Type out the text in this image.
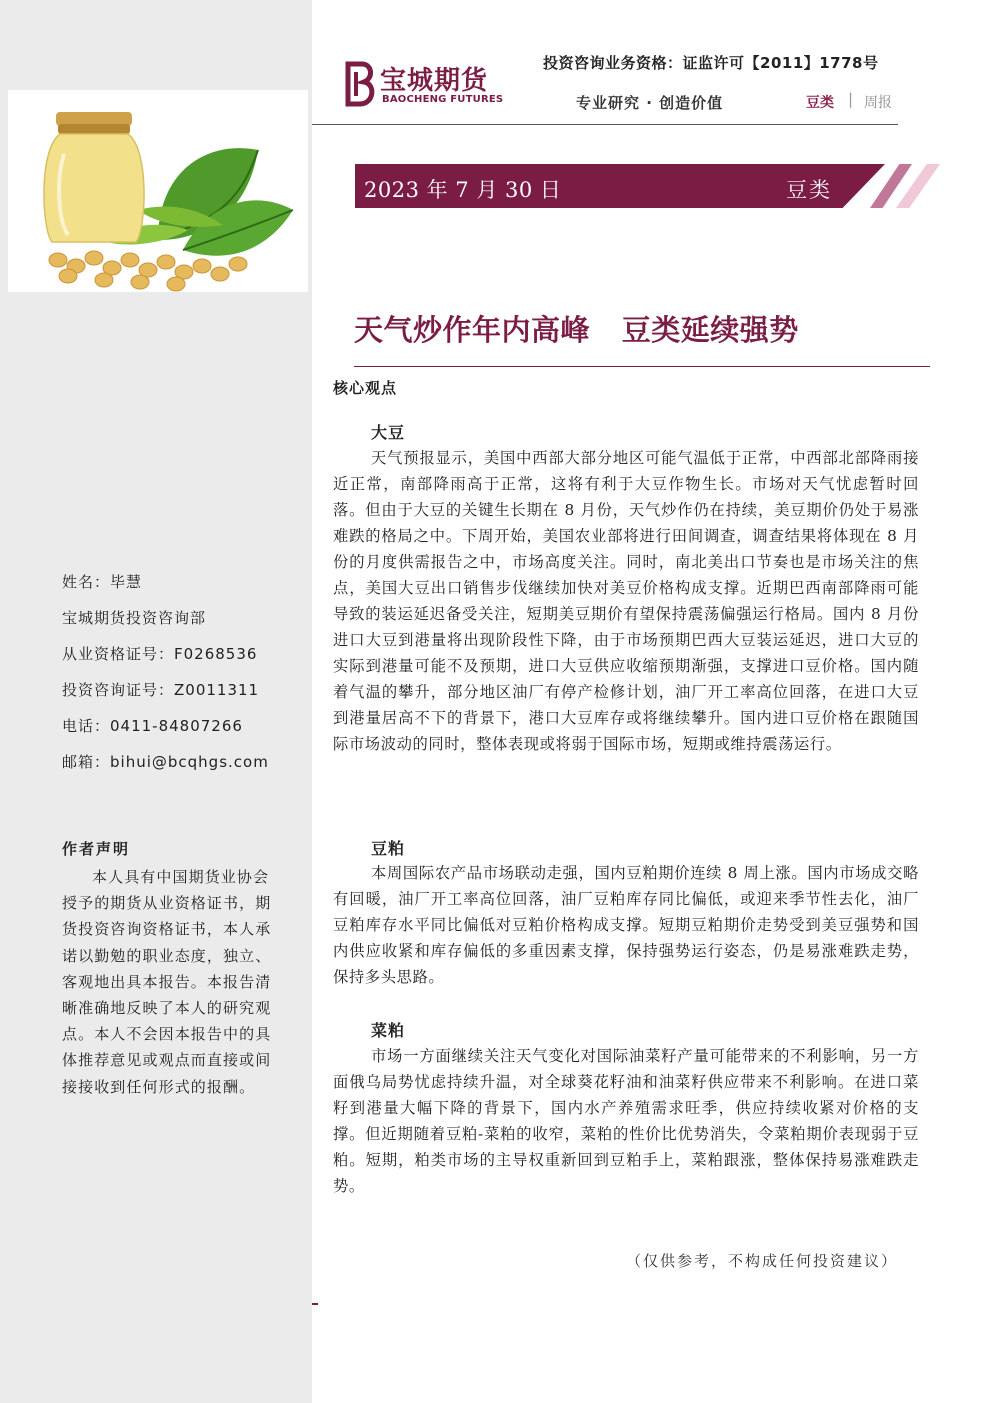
姓名：毕慧
宝城期货投资咨询部
从业资格证号：F0268536
投资咨询证号：Z0011311
电话：0411-84807266
邮箱：bihui@bcqhgs.com
作者声明
本人具有中国期货业协会授予的期货从业资格证书，期货投资咨询资格证书，本人承诺以勤勉的职业态度，独立、客观地出具本报告。本报告清晰准确地反映了本人的研究观点。本人不会因本报告中的具体推荐意见或观点而直接或间接接收到任何形式的报酬。
宝城期货
BAOCHENG FUTURES
投资咨询业务资格：证监许可【2011】1778号
专业研究 · 创造价值	豆类 | 周报
2023 年 7 月 30 日	豆类
天气炒作年内高峰   豆类延续强势
核心观点
大豆
天气预报显示，美国中西部大部分地区可能气温低于正常，中西部北部降雨接近正常，南部降雨高于正常，这将有利于大豆作物生长。市场对天气忧虑暂时回落。但由于大豆的关键生长期在 8 月份，天气炒作仍在持续，美豆期价仍处于易涨难跌的格局之中。下周开始，美国农业部将进行田间调查，调查结果将体现在 8 月份的月度供需报告之中，市场高度关注。同时，南北美出口节奏也是市场关注的焦点，美国大豆出口销售步伐继续加快对美豆价格构成支撑。近期巴西南部降雨可能导致的装运延迟备受关注，短期美豆期价有望保持震荡偏强运行格局。国内 8 月份进口大豆到港量将出现阶段性下降，由于市场预期巴西大豆装运延迟，进口大豆的实际到港量可能不及预期，进口大豆供应收缩预期渐强，支撑进口豆价格。国内随着气温的攀升，部分地区油厂有停产检修计划，油厂开工率高位回落，在进口大豆到港量居高不下的背景下，港口大豆库存或将继续攀升。国内进口豆价格在跟随国际市场波动的同时，整体表现或将弱于国际市场，短期或维持震荡运行。
豆粕
本周国际农产品市场联动走强，国内豆粕期价连续 8 周上涨。国内市场成交略有回暖，油厂开工率高位回落，油厂豆粕库存同比偏低，或迎来季节性去化，油厂豆粕库存水平同比偏低对豆粕价格构成支撑。短期豆粕期价走势受到美豆强势和国内供应收紧和库存偏低的多重因素支撑，保持强势运行姿态，仍是易涨难跌走势，保持多头思路。
菜粕
市场一方面继续关注天气变化对国际油菜籽产量可能带来的不利影响，另一方面俄乌局势忧虑持续升温，对全球葵花籽油和油菜籽供应带来不利影响。在进口菜籽到港量大幅下降的背景下，国内水产养殖需求旺季，供应持续收紧对价格的支撑。但近期随着豆粕-菜粕的收窄，菜粕的性价比优势消失，令菜粕期价表现弱于豆粕。短期，粕类市场的主导权重新回到豆粕手上，菜粕跟涨，整体保持易涨难跌走势。
（仅供参考，不构成任何投资建议）
